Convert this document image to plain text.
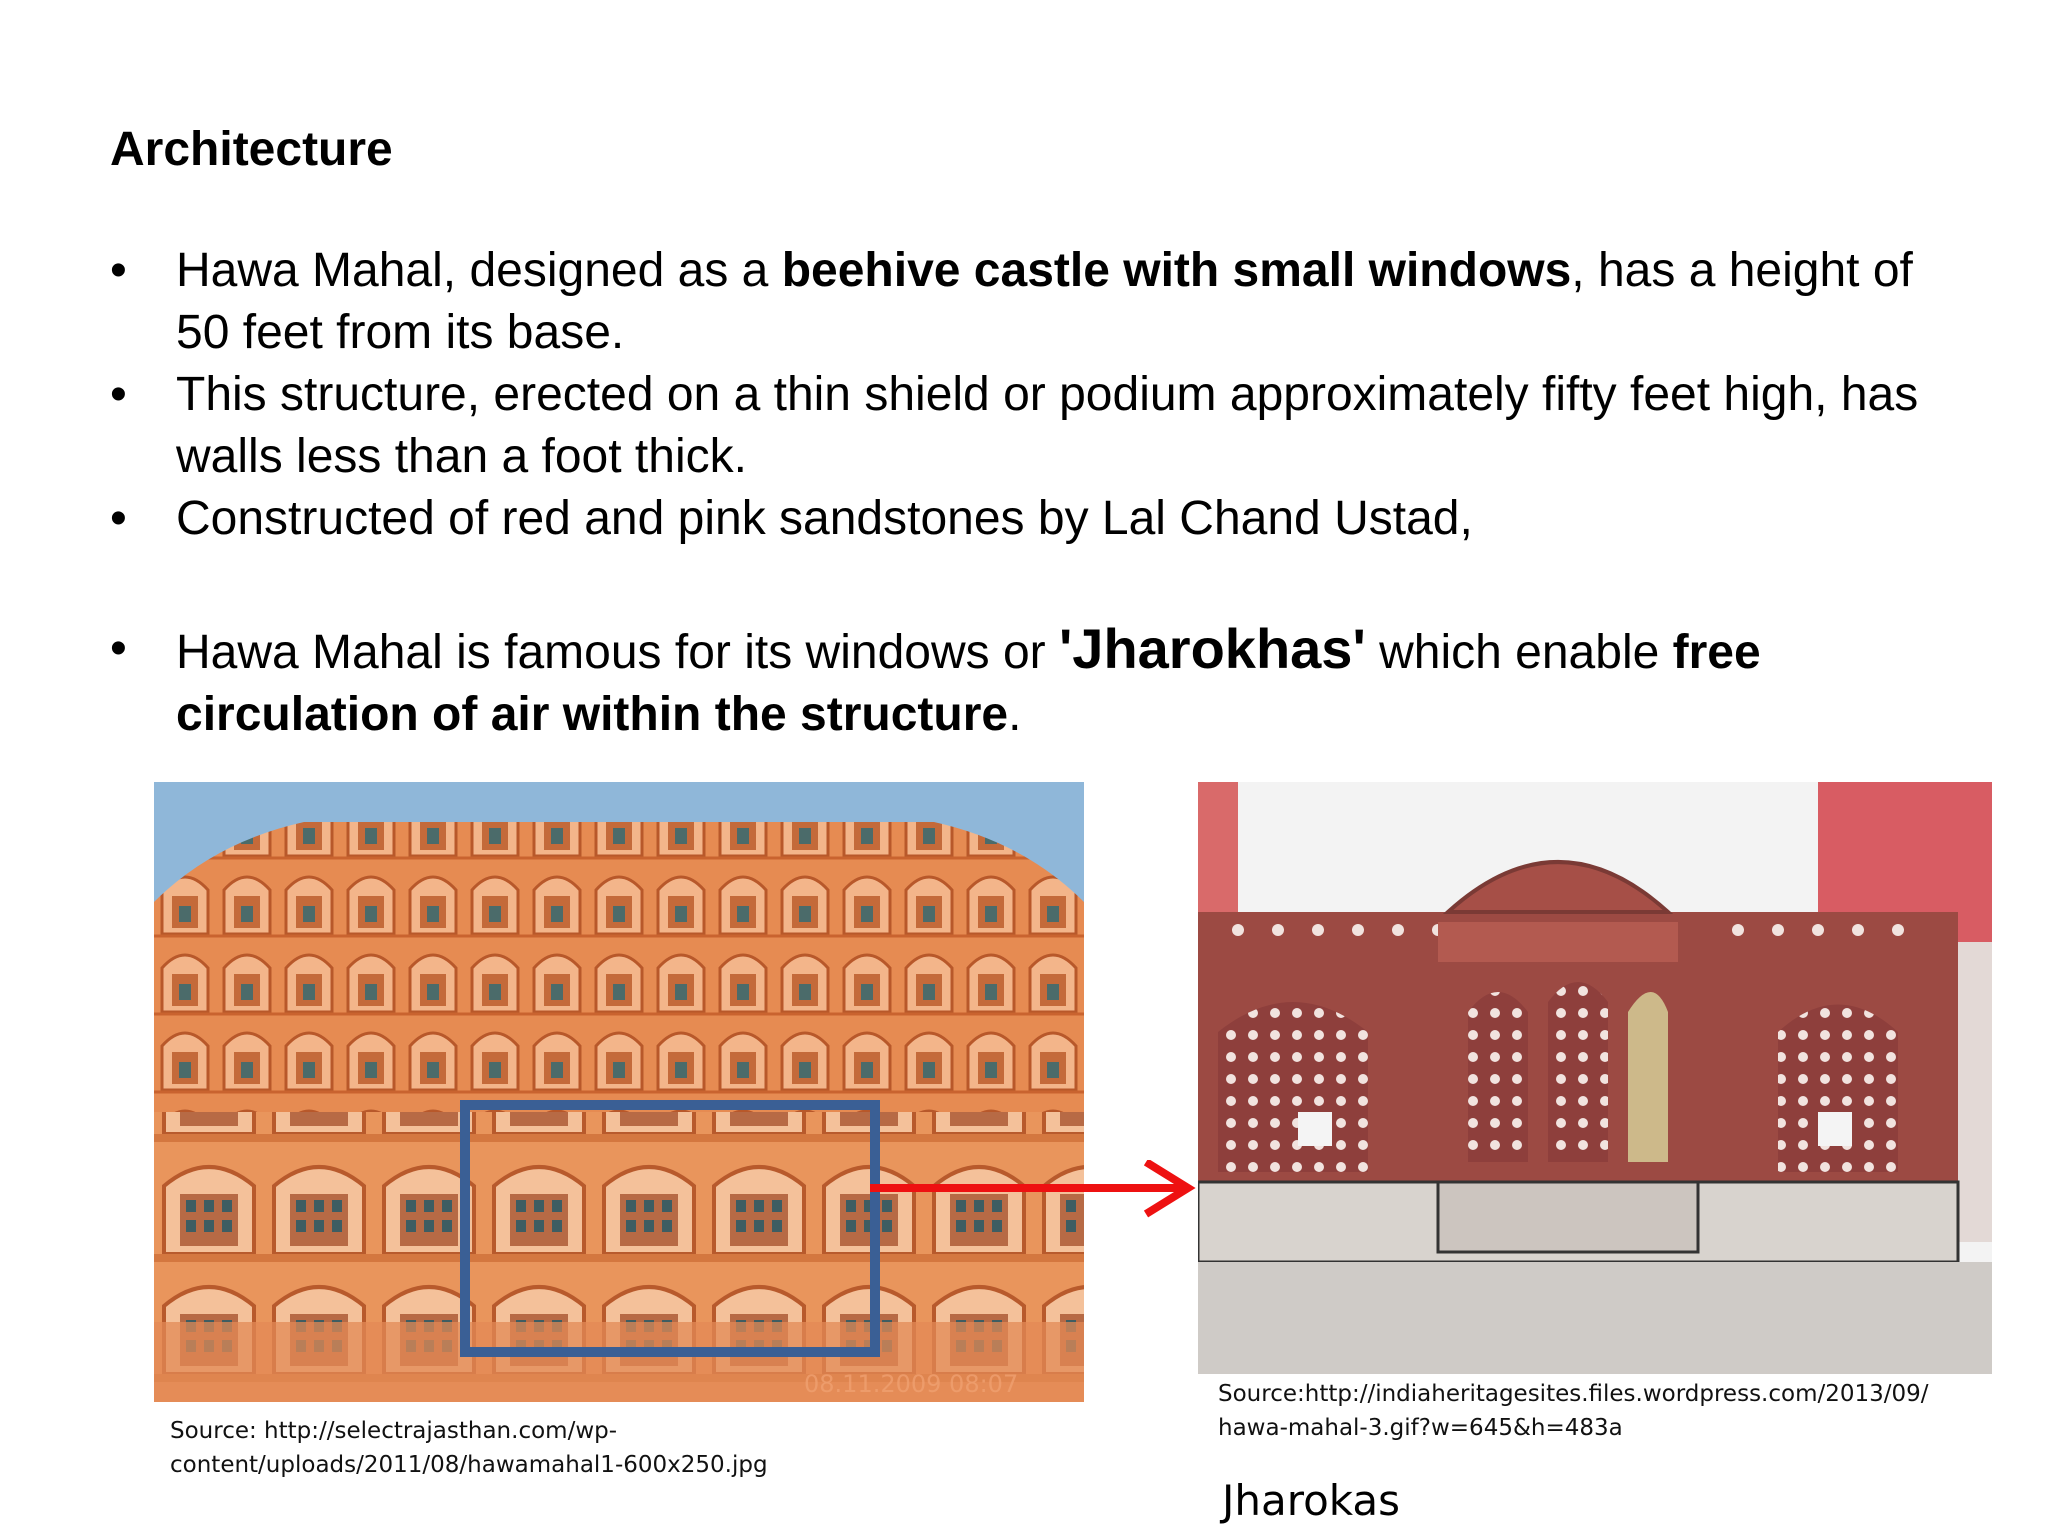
Architecture
• Hawa Mahal, designed as a beehive castle with small windows, has a height of 50 feet from its base.
• This structure, erected on a thin shield or podium approximately fifty feet high, has walls less than a foot thick.
• Constructed of red and pink sandstones by Lal Chand Ustad,
• Hawa Mahal is famous for its windows or 'Jharokhas' which enable free circulation of air within the structure.
08.11.2009 08:07
Source: http://selectrajasthan.com/wp-
content/uploads/2011/08/hawamahal1-600x250.jpg
Source:http://indiaheritagesites.files.wordpress.com/2013/09/
hawa-mahal-3.gif?w=645&h=483a
Jharokas
